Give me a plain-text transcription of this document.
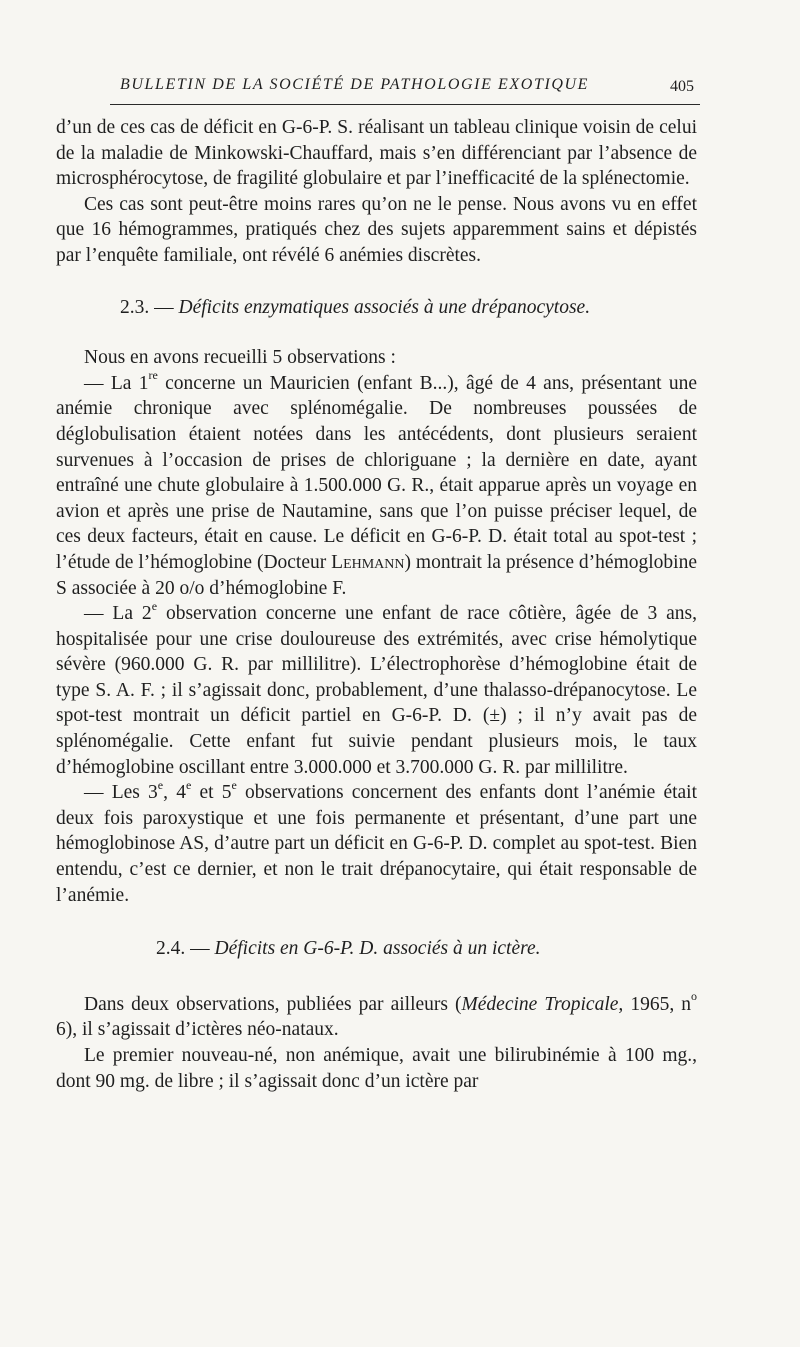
BULLETIN DE LA SOCIÉTÉ DE PATHOLOGIE EXOTIQUE	405

d’un de ces cas de déficit en G-6-P. S. réalisant un tableau clinique voisin de celui de la maladie de Minkowski-Chauffard, mais s’en différenciant par l’absence de microsphérocytose, de fragilité globulaire et par l’inefficacité de la splénectomie.

Ces cas sont peut-être moins rares qu’on ne le pense. Nous avons vu en effet que 16 hémogrammes, pratiqués chez des sujets apparemment sains et dépistés par l’enquête familiale, ont révélé 6 anémies discrètes.

2.3. — Déficits enzymatiques associés à une drépanocytose.

Nous en avons recueilli 5 observations :

— La 1re concerne un Mauricien (enfant B...), âgé de 4 ans, présentant une anémie chronique avec splénomégalie. De nombreuses poussées de déglobulisation étaient notées dans les antécédents, dont plusieurs seraient survenues à l’occasion de prises de chloriguane ; la dernière en date, ayant entraîné une chute globulaire à 1.500.000 G. R., était apparue après un voyage en avion et après une prise de Nautamine, sans que l’on puisse préciser lequel, de ces deux facteurs, était en cause. Le déficit en G-6-P. D. était total au spot-test ; l’étude de l’hémoglobine (Docteur Lehmann) montrait la présence d’hémoglobine S associée à 20 o/o d’hémoglobine F.

— La 2e observation concerne une enfant de race côtière, âgée de 3 ans, hospitalisée pour une crise douloureuse des extrémités, avec crise hémolytique sévère (960.000 G. R. par millilitre). L’électrophorèse d’hémoglobine était de type S. A. F. ; il s’agissait donc, probablement, d’une thalasso-drépanocytose. Le spot-test montrait un déficit partiel en G-6-P. D. (±) ; il n’y avait pas de splénomégalie. Cette enfant fut suivie pendant plusieurs mois, le taux d’hémoglobine oscillant entre 3.000.000 et 3.700.000 G. R. par millilitre.

— Les 3e, 4e et 5e observations concernent des enfants dont l’anémie était deux fois paroxystique et une fois permanente et présentant, d’une part une hémoglobinose AS, d’autre part un déficit en G-6-P. D. complet au spot-test. Bien entendu, c’est ce dernier, et non le trait drépanocytaire, qui était responsable de l’anémie.

2.4. — Déficits en G-6-P. D. associés à un ictère.

Dans deux observations, publiées par ailleurs (Médecine Tropicale, 1965, $n^o$ 6), il s’agissait d’ictères néo-nataux.

Le premier nouveau-né, non anémique, avait une bilirubinémie à 100 mg., dont 90 mg. de libre ; il s’agissait donc d’un ictère par
